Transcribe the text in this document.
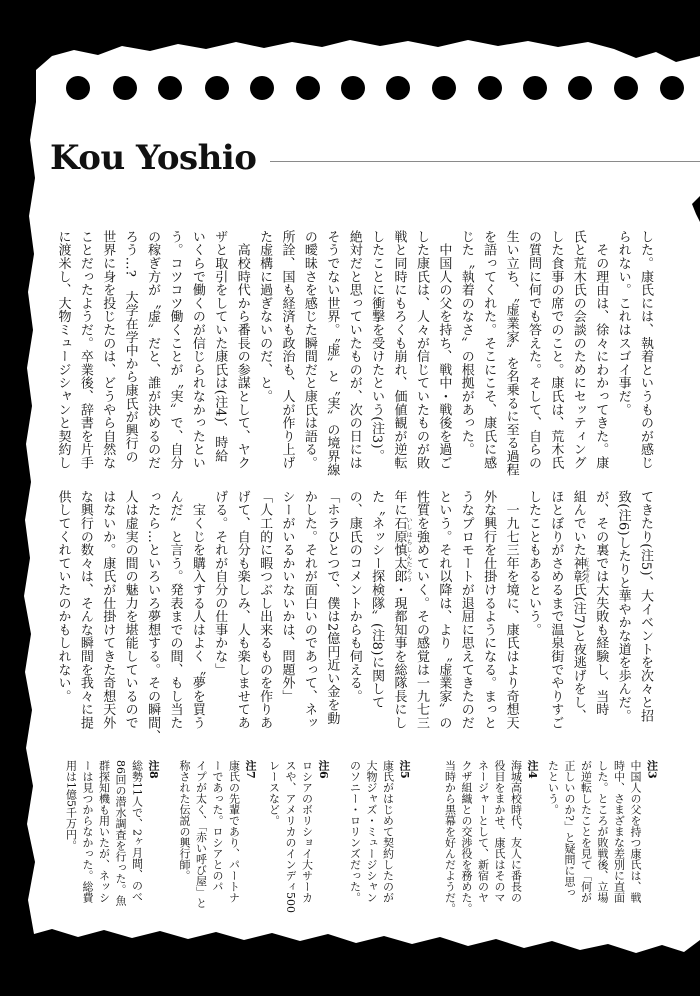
Kou Yoshio
した。康氏には、執着というものが感じ
られない。これはスゴイ事だ。
　その理由は、徐々にわかってきた。康
氏と荒木氏の会談のためにセッティング
した食事の席でのこと。康氏は、荒木氏
の質問に何でも答えた。そして、自らの
生い立ち、〝虚業家〟を名乗るに至る過程
を語ってくれた。そこにこそ、康氏に感
じた〝執着のなさ〟の根拠があった。
　中国人の父を持ち、戦中・戦後を過ご
した康氏は、人々が信じていたものが敗
戦と同時にもろくも崩れ、価値観が逆転
したことに衝撃を受けたという(注3)。
絶対だと思っていたものが、次の日には
そうでない世界。〝虚〟と〝実〟の境界線
の曖昧さを感じた瞬間だと康氏は語る。
所詮、国も経済も政治も、人が作り上げ
た虚構に過ぎないのだ、と。
　高校時代から番長の参謀として、ヤク
ザと取引をしていた康氏は(注4)、時給
いくらで働くのが信じられなかったとい
う。コツコツ働くことが〝実〟で、自分
の稼ぎ方が〝虚〟だと、誰が決めるのだ
ろう…?　大学在学中から康氏が興行の
世界に身を投じたのは、どうやら自然な
ことだったようだ。卒業後、辞書を片手
に渡米し、大物ミュージシャンと契約し
てきたり(注5)、大イベントを次々と招
致(注6)したりと華やかな道を歩んだ。
が、その裏では大失敗も経験し、当時
組んでいた神彰氏(注7)と夜逃げをし、
ほとぼりがさめるまで温泉街でやりすご
したこともあるという。
　一九七三年を境に、康氏はより奇想天
外な興行を仕掛けるようになる。まっと
うなプロモートが退屈に思えてきたのだ
という。それ以降は、より〝虚業家〟の
性質を強めていく。その感覚は一九七三
年に石原慎太郎・現都知事を総隊長にし
た〝ネッシー探検隊〟(注8)に関して
の、康氏のコメントからも伺える。
「ホラひとつで、僕は2億円近い金を動
かした。それが面白いのであって、ネッ
シーがいるかいないかは、問題外」
「人工的に暇つぶし出来るものを作りあ
げて、自分も楽しみ、人も楽しませてあ
げる。それが自分の仕事かな」
　宝くじを購入する人はよく〝夢を買う
んだ〟と言う。発表までの間、もし当た
ったら…といろいろ夢想する。その瞬間、
人は虚実の間の魅力を堪能しているので
はないか。康氏が仕掛けてきた奇想天外
な興行の数々は、そんな瞬間を我々に提
供してくれていたのかもしれない。	じんあきら
いしはらしんたろう
注3
中国人の父を持つ康氏は、戦
時中、さまざまな差別に直面
した。ところが敗戦後、立場
が逆転したことを見て「何が
正しいのか?」と疑問に思っ
たという。
注4
海城高校時代、友人に番長の
役目をまかせ、康氏はそのマ
ネージャーとして、新宿のヤ
クザ組織との交渉役を務めた。
当時から黒幕を好んだようだ。
注5
康氏がはじめて契約したのが
大物ジャズ・ミュージシャン
のソニー・ロリンズだった。
注6
ロシアのボリショイ大サーカ
スや、アメリカのインディ500
レースなど。
注7
康氏の先輩であり、パートナ
ーであった。ロシアとのパ
イプが太く、「赤い呼び屋」と
称された伝説の興行師。
注8
総勢11人で、2ヶ月間、のべ
86回の潜水調査を行った。魚
群探知機も用いたが、ネッシ
ーは見つからなかった。総費
用は1億5千万円。
